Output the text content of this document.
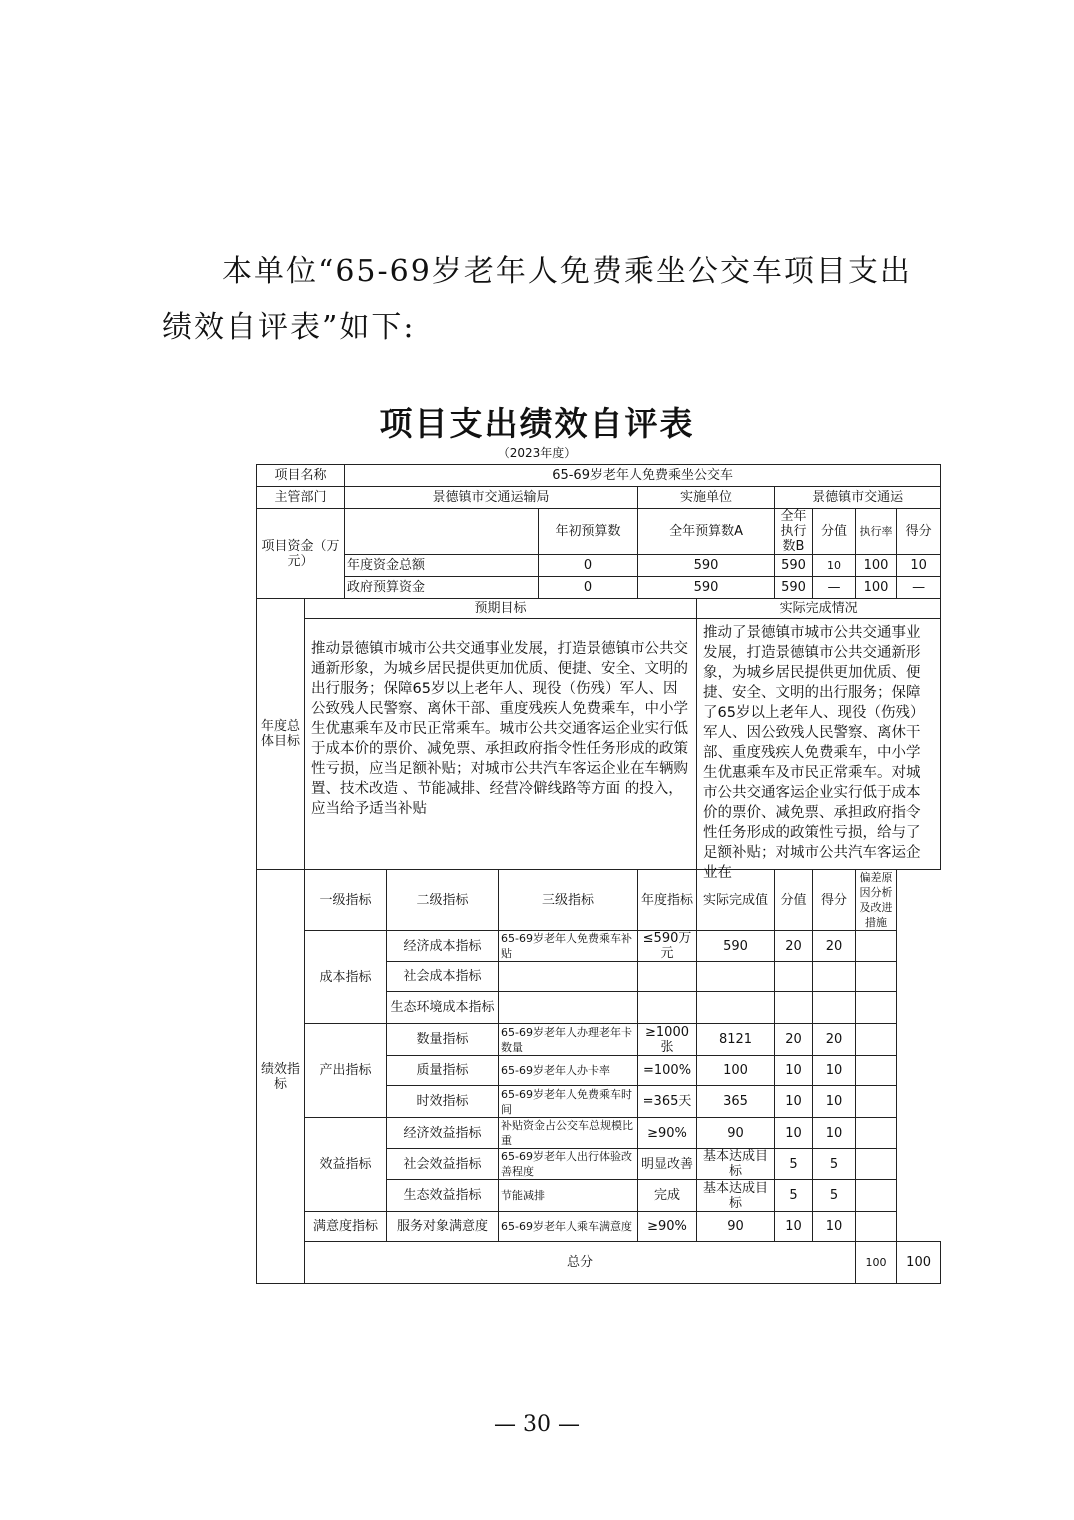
本单位“65-69岁老年人免费乘坐公交车项目支出绩效自评表”如下:
项目支出绩效自评表
（2023年度）
项目名称		65-69岁老年人免费乘坐公交车										
主管部门		景德镇市交通运输局				实施单位		景德镇市交通运				
项目资金（万元）					年初预算数	全年预算数A		全年执行数B	分值	执行率	得分	
		年度资金总额			0	590		590	10	100	10	
		政府预算资金			0	590		590	—	100	—	
年度总体目标	预期目标						实际完成情况					
	推动景德镇市城市公共交通事业发展，打造景德镇市公共交通新形象，为城乡居民提供更加优质、便捷、安全、文明的出行服务；保障65岁以上老年人、现役（伤残）军人、因公致残人民警察、离休干部、重度残疾人免费乘车，中小学生优惠乘车及市民正常乘车。城市公共交通客运企业实行低于成本价的票价、减免票、承担政府指令性任务形成的政策性亏损，应当足额补贴；对城市公共汽车客运企业在车辆购置、技术改造 、节能减排、经营冷僻线路等方面 的投入，应当给予适当补贴						推动了景德镇市城市公共交通事业发展，打造景德镇市公共交通新形象，为城乡居民提供更加优质、便捷、安全、文明的出行服务；保障了65岁以上老年人、现役（伤残）军人、因公致残人民警察、离休干部、重度残疾人免费乘车，中小学生优惠乘车及市民正常乘车。对城市公共交通客运企业实行低于成本价的票价、减免票、承担政府指令性任务形成的政策性亏损，给与了足额补贴；对城市公共汽车客运企业在					

绩效指标	一级指标		二级指标	三级指标		年度指标	实际完成值	分值	得分	偏差原因分析及改进措施		
	成本指标		经济成本指标	65-69岁老年人免费乘车补贴		≤590万元	590	20	20			
			社会成本指标									
			生态环境成本指标									
	产出指标		数量指标	65-69岁老年人办理老年卡数量		≥1000张	8121	20	20			
			质量指标	65-69岁老年人办卡率		=100%	100	10	10			
			时效指标	65-69岁老年人免费乘车时间		=365天	365	10	10			
	效益指标		经济效益指标	补贴资金占公交车总规模比重		≥90%	90	10	10			
			社会效益指标	65-69岁老年人出行体验改善程度		明显改善	基本达成目标	5	5			
			生态效益指标	节能减排		完成	基本达成目标	5	5			
	满意度指标		服务对象满意度	65-69岁老年人乘车满意度		≥90%	90	10	10			
	总分									100	100	
— 30 —
